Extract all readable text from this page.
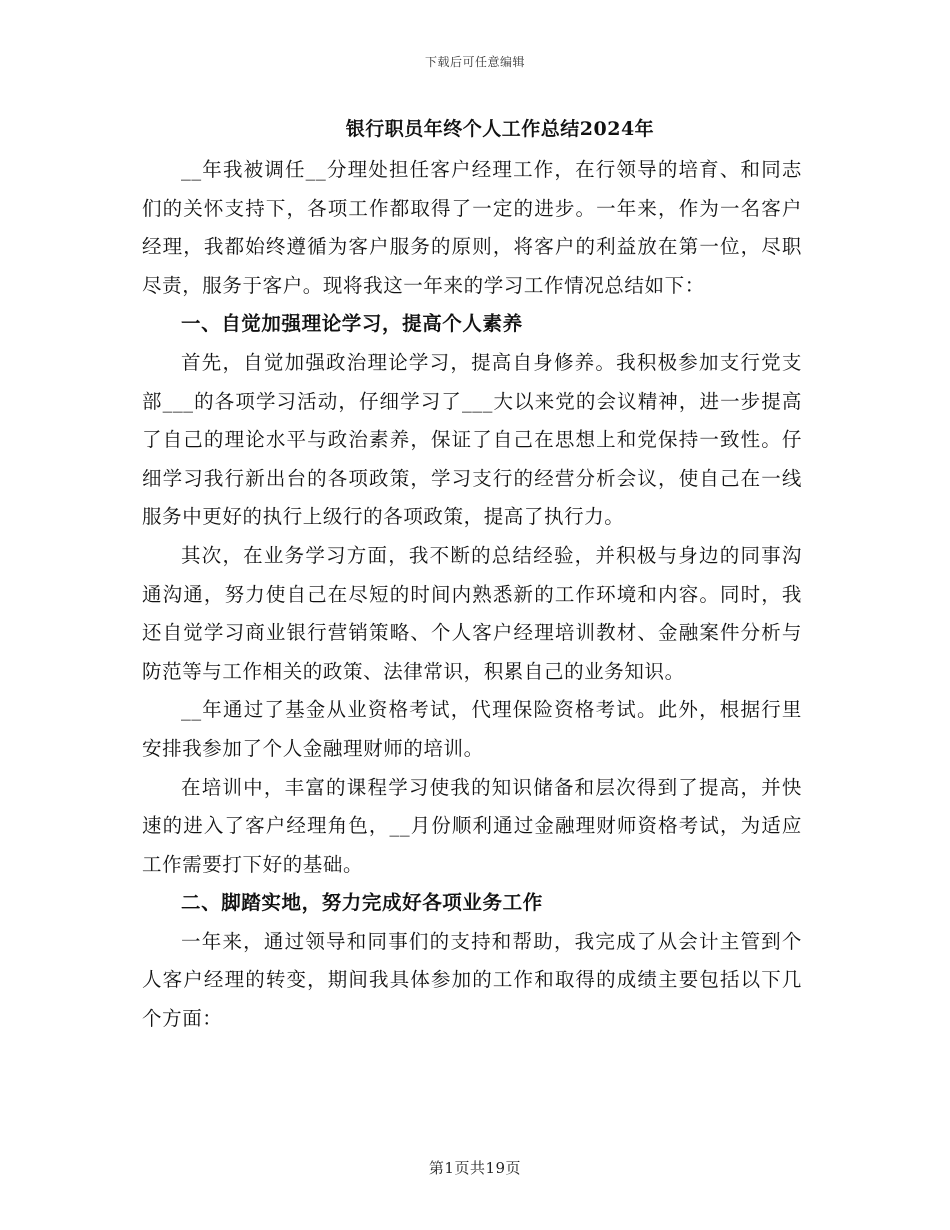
下载后可任意编辑
银行职员年终个人工作总结2024年

__年我被调任__分理处担任客户经理工作，在行领导的培育、和同志们的关怀支持下，各项工作都取得了一定的进步。一年来，作为一名客户经理，我都始终遵循为客户服务的原则，将客户的利益放在第一位，尽职尽责，服务于客户。现将我这一年来的学习工作情况总结如下：

一、自觉加强理论学习，提高个人素养

首先，自觉加强政治理论学习，提高自身修养。我积极参加支行党支部___的各项学习活动，仔细学习了___大以来党的会议精神，进一步提高了自己的理论水平与政治素养，保证了自己在思想上和党保持一致性。仔细学习我行新出台的各项政策，学习支行的经营分析会议，使自己在一线服务中更好的执行上级行的各项政策，提高了执行力。

其次，在业务学习方面，我不断的总结经验，并积极与身边的同事沟通沟通，努力使自己在尽短的时间内熟悉新的工作环境和内容。同时，我还自觉学习商业银行营销策略、个人客户经理培训教材、金融案件分析与防范等与工作相关的政策、法律常识，积累自己的业务知识。

__年通过了基金从业资格考试，代理保险资格考试。此外，根据行里安排我参加了个人金融理财师的培训。

在培训中，丰富的课程学习使我的知识储备和层次得到了提高，并快速的进入了客户经理角色，__月份顺利通过金融理财师资格考试，为适应工作需要打下好的基础。

二、脚踏实地，努力完成好各项业务工作

一年来，通过领导和同事们的支持和帮助，我完成了从会计主管到个人客户经理的转变，期间我具体参加的工作和取得的成绩主要包括以下几个方面：

第1页共19页
